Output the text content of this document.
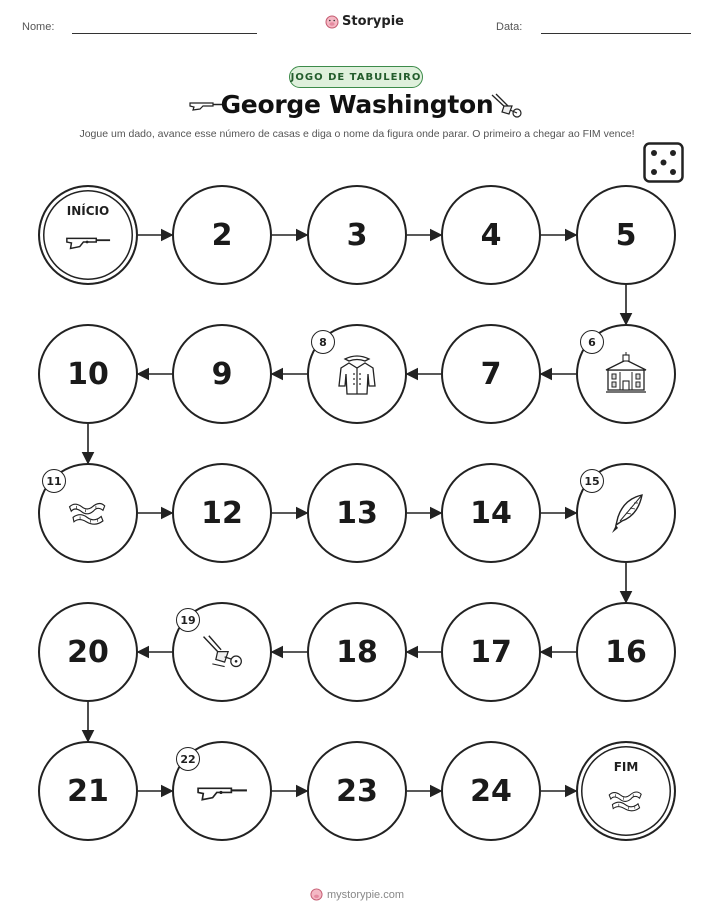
Nome:	Storypie	Data:
JOGO DE TABULEIRO
George Washington
Jogue um dado, avance esse número de casas e diga o nome da figura onde parar. O primeiro a chegar ao FIM vence!
INÍCIO
2	3	4	5
6
7
8
9
10
11
12	13	14
15
16
17
18
19
20
21
22
23	24
FIM
mystorypie.com
